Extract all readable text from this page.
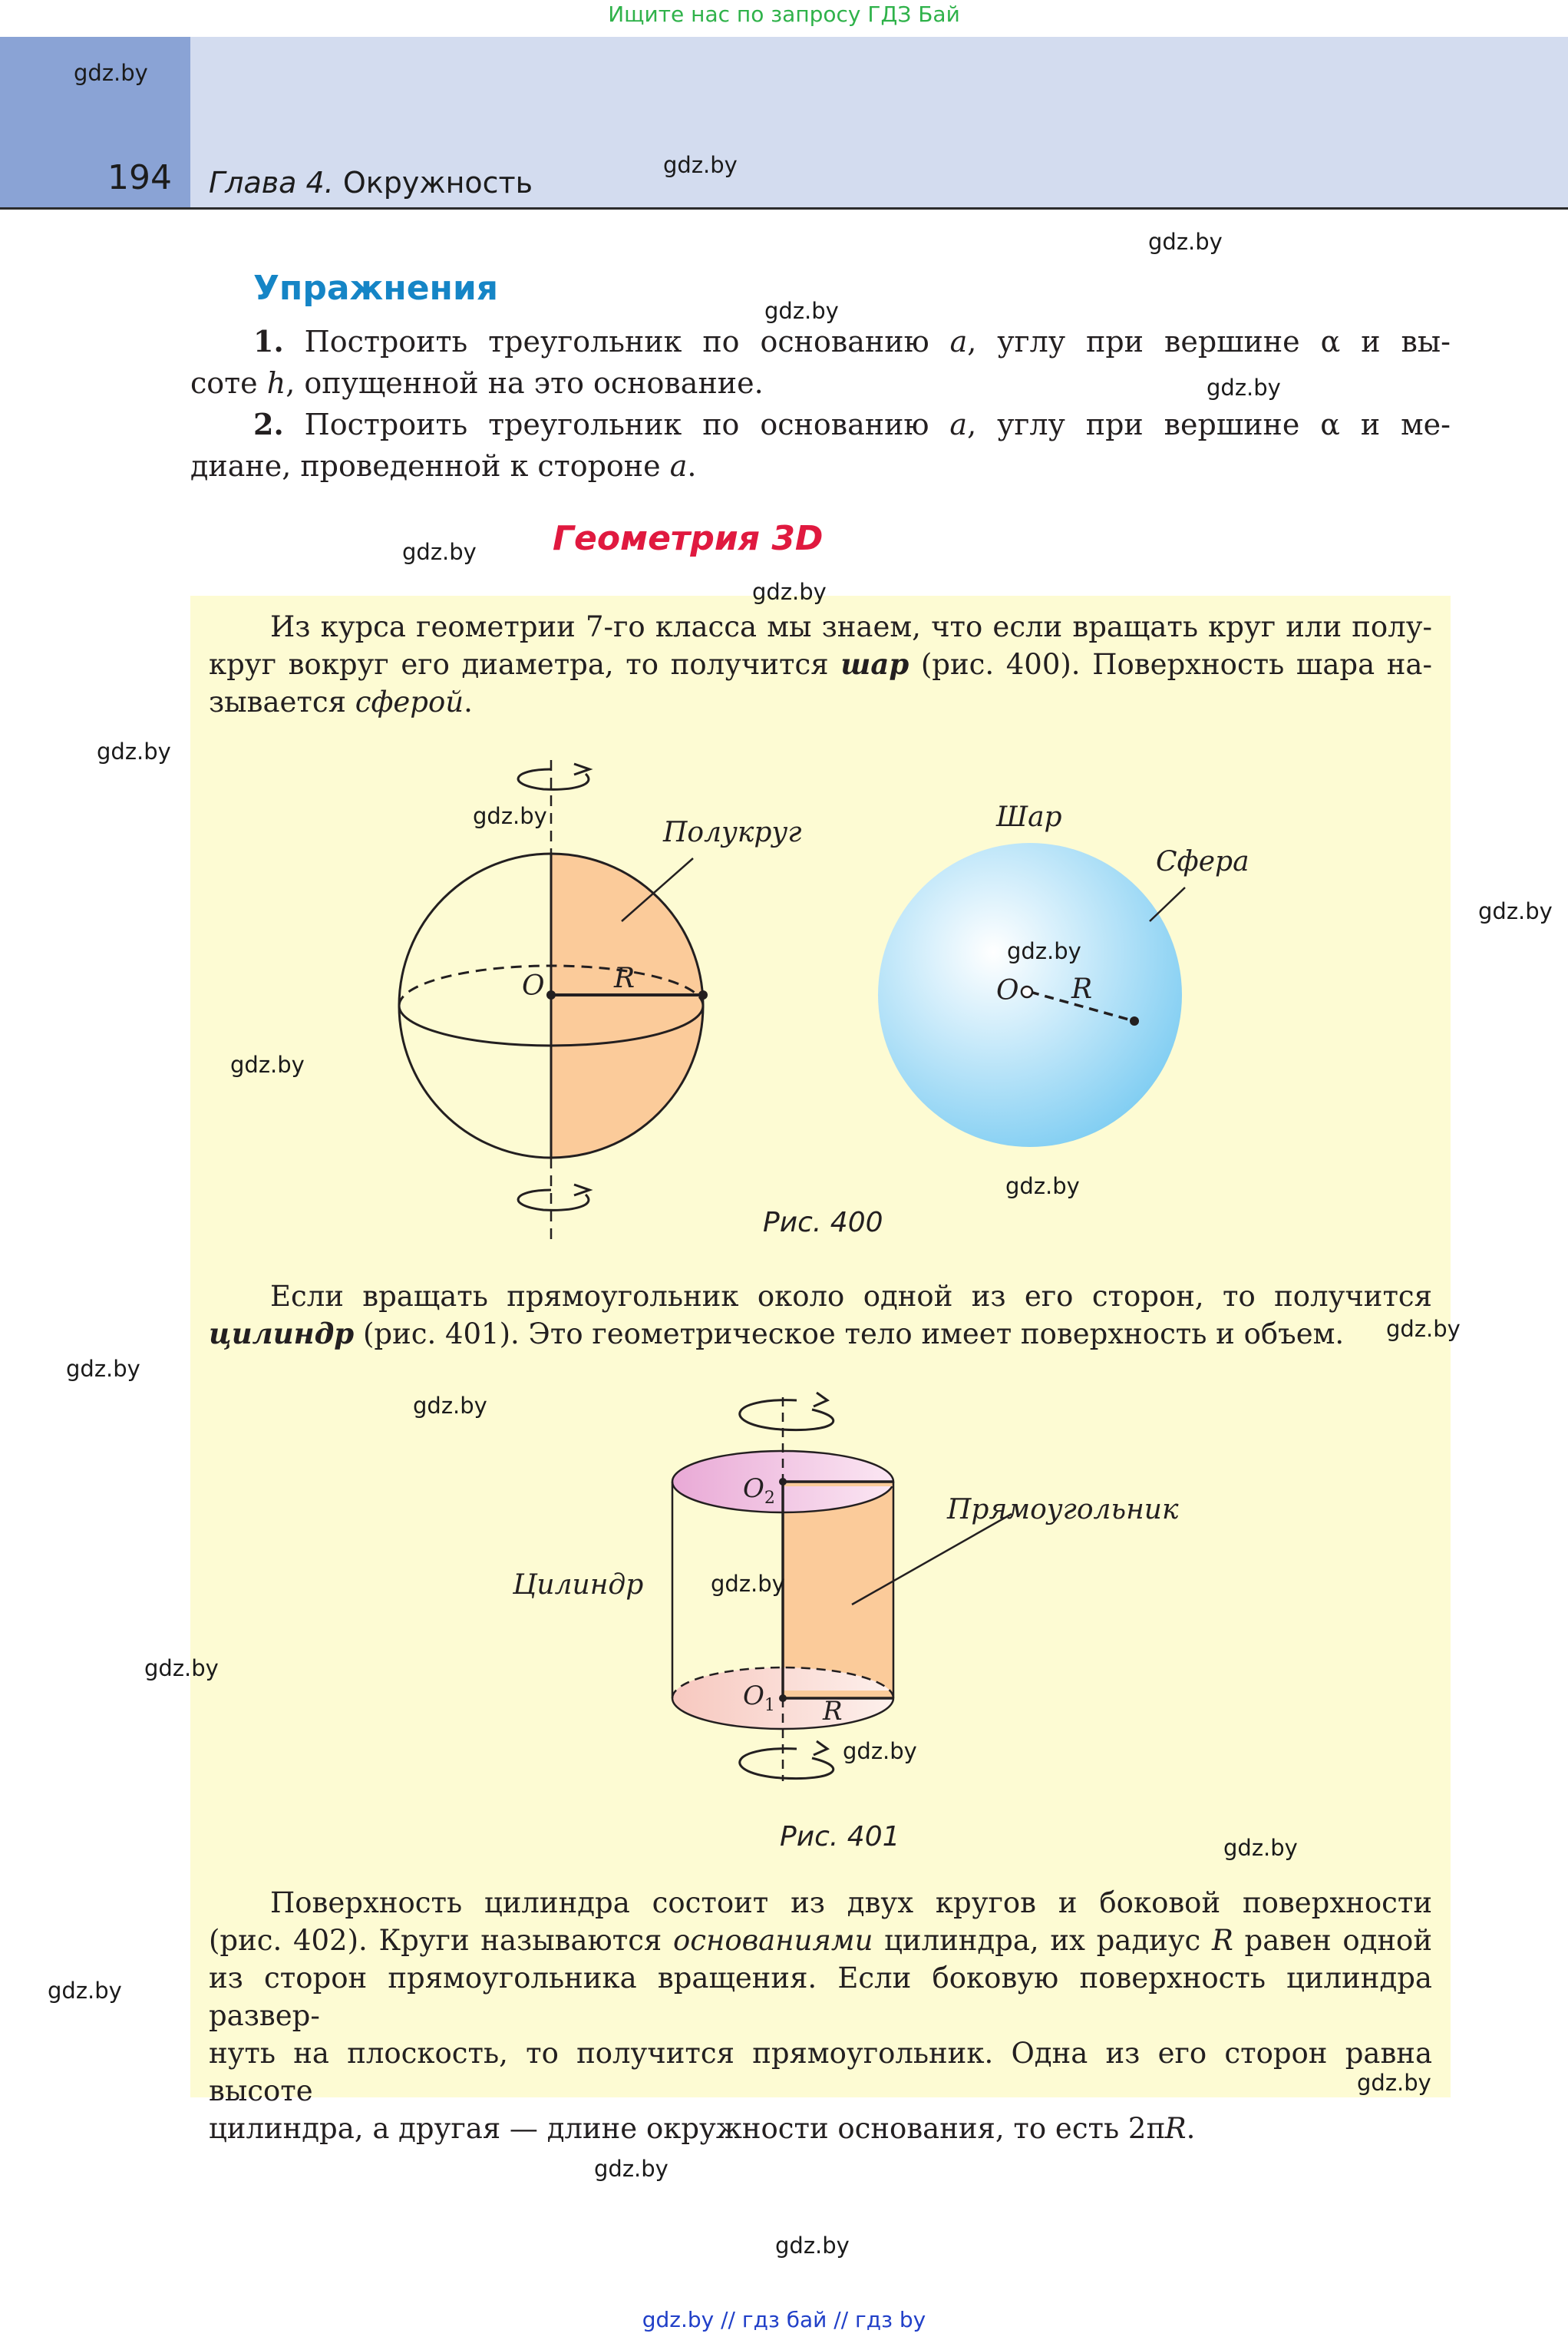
Ищите нас по запросу ГДЗ Бай
194 Глава 4. Окружность
Упражнения
1. Построить треугольник по основанию a, углу при вершине α и вы-
соте h, опущенной на это основание.
2. Построить треугольник по основанию a, углу при вершине α и ме-
диане, проведенной к стороне a.
Геометрия 3D
Из курса геометрии 7-го класса мы знаем, что если вращать круг или полу-
круг вокруг его диаметра, то получится шар (рис. 400). Поверхность шара на-
зывается сферой.
O	R
Полукруг
O R
Шар
Сфера
Рис. 400
Если вращать прямоугольник около одной из его сторон, то получится
цилиндр (рис. 401). Это геометрическое тело имеет поверхность и объем.
$O_2$
$O_1$ R
Прямоугольник
Цилиндр
Рис. 401
Поверхность цилиндра состоит из двух кругов и боковой поверхности
(рис. 402). Круги называются основаниями цилиндра, их радиус R равен одной
из сторон прямоугольника вращения. Если боковую поверхность цилиндра развер-
нуть на плоскость, то получится прямоугольник. Одна из его сторон равна высоте
цилиндра, а другая — длине окружности основания, то есть 2πR.
gdz.by
gdz.by
gdz.by
gdz.by
gdz.by
gdz.by
gdz.by
gdz.by
gdz.by
gdz.by
gdz.by
gdz.by
gdz.by
gdz.by
gdz.by
gdz.by
gdz.by
gdz.by
gdz.by
gdz.by
gdz.by
gdz.by
gdz.by
gdz.by
gdz.by // гдз бай // гдз by
